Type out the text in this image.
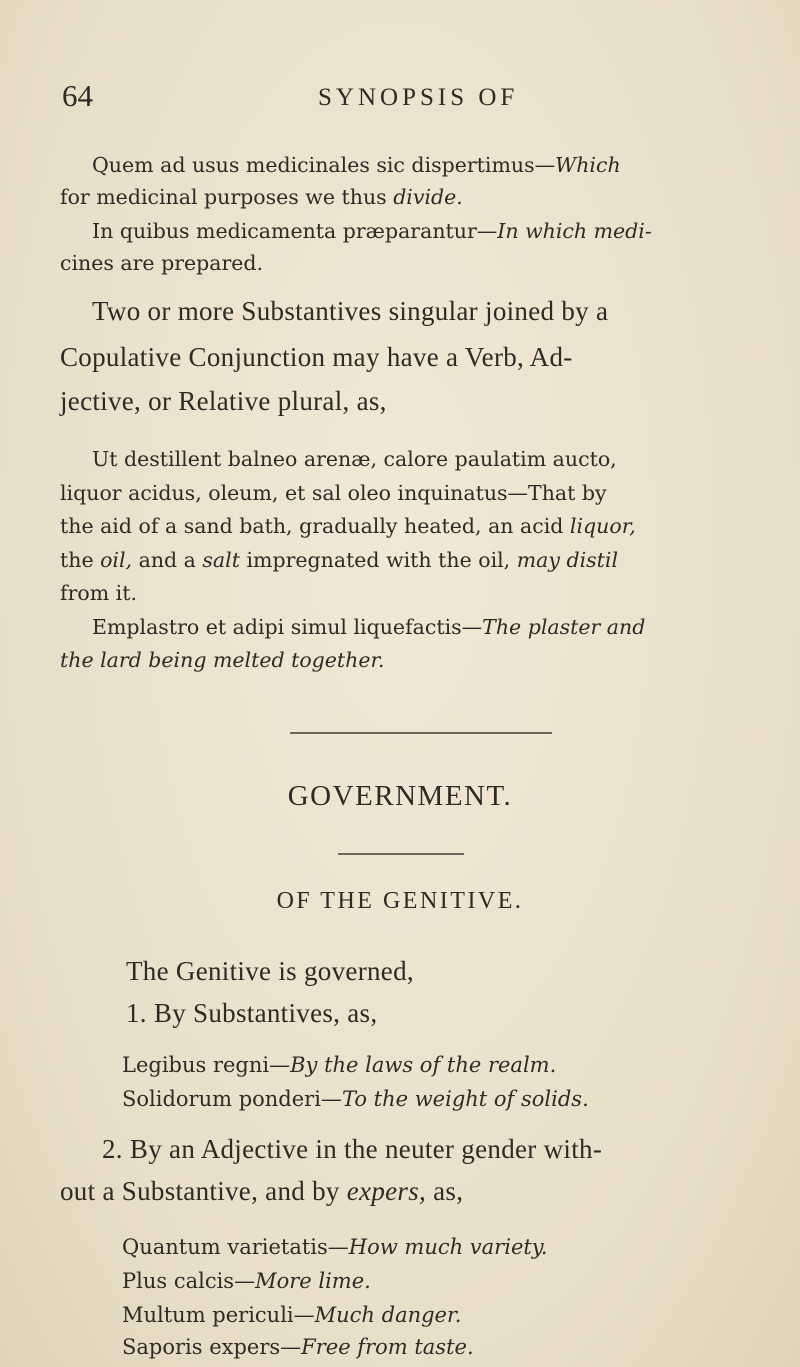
64	SYNOPSIS OF
Quem ad usus medicinales sic dispertimus—Which
for medicinal purposes we thus divide.
In quibus medicamenta præparantur—In which medi-
cines are prepared.
Two or more Substantives singular joined by a
Copulative Conjunction may have a Verb, Ad-
jective, or Relative plural, as,
Ut destillent balneo arenæ, calore paulatim aucto,
liquor acidus, oleum, et sal oleo inquinatus—That by
the aid of a sand bath, gradually heated, an acid liquor,
the oil, and a salt impregnated with the oil, may distil
from it.
Emplastro et adipi simul liquefactis—The plaster and
the lard being melted together.
GOVERNMENT.
OF THE GENITIVE.
The Genitive is governed,
1. By Substantives, as,
Legibus regni—By the laws of the realm.
Solidorum ponderi—To the weight of solids.
2. By an Adjective in the neuter gender with-
out a Substantive, and by expers, as,
Quantum varietatis—How much variety.
Plus calcis—More lime.
Multum periculi—Much danger.
Saporis expers—Free from taste.
